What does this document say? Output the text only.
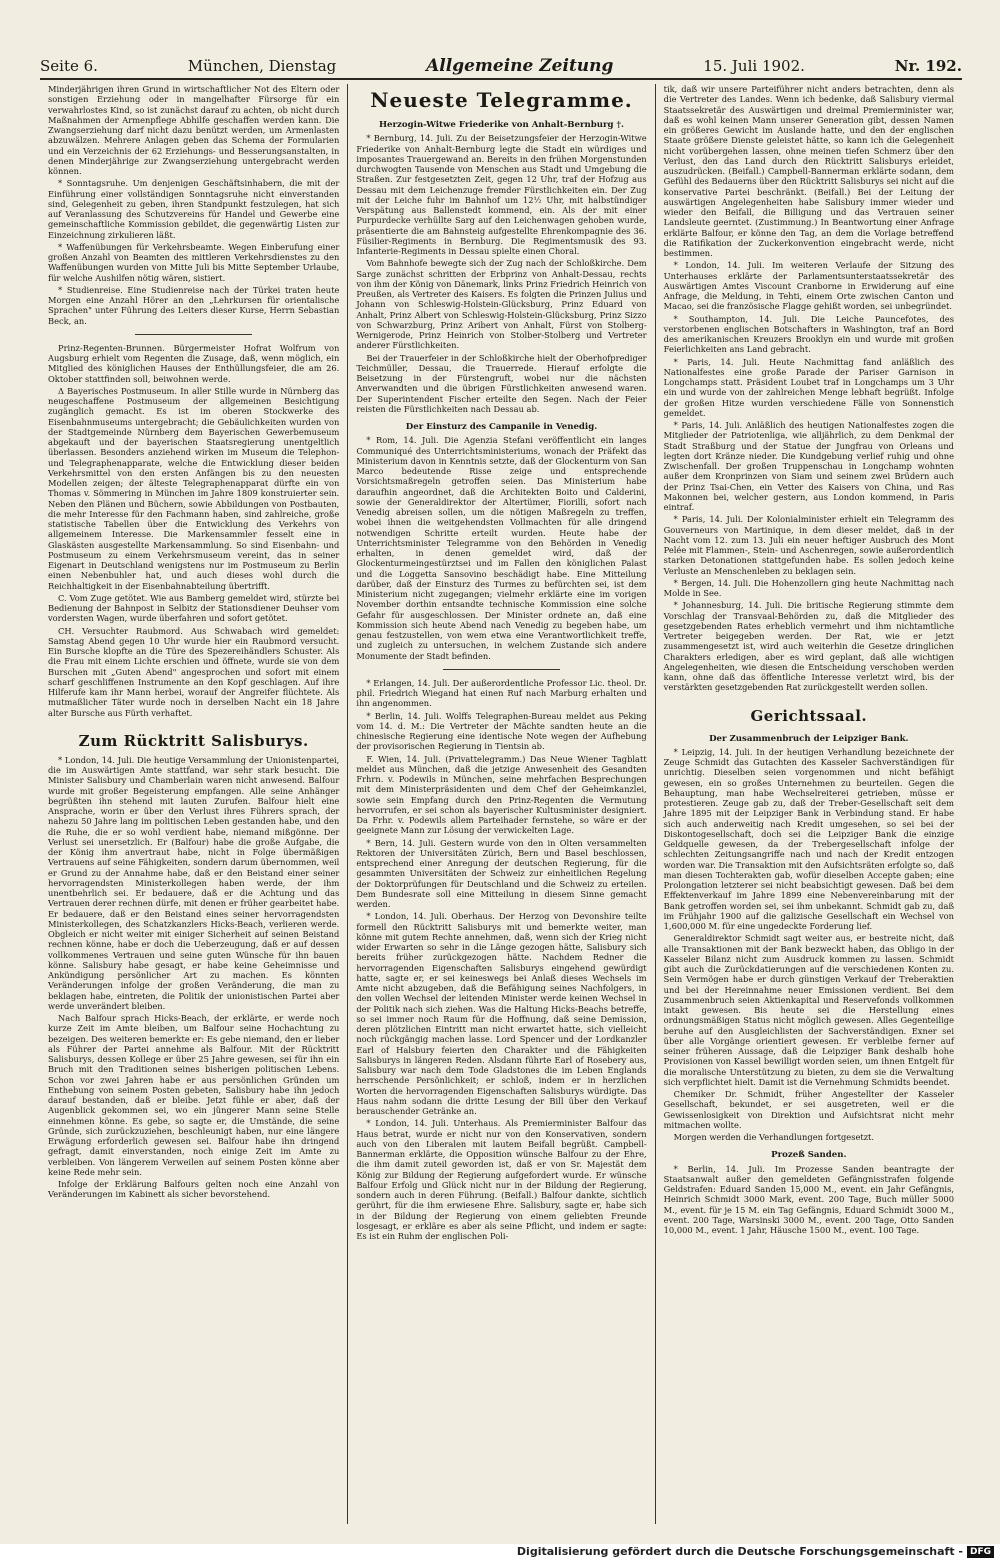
Seite 6.	München, Dienstag	Allgemeine Zeitung	15. Juli 1902.	Nr. 192.

Minderjährigen ihren Grund in wirtschaftlicher Not des Eltern oder sonstigen Erziehung oder in mangelhafter Fürsorge für ein verwahrlostes Kind, so ist zunächst darauf zu achten, ob nicht durch Maßnahmen der Armenpflege Abhilfe geschaffen werden kann. Die Zwangserziehung darf nicht dazu benützt werden, um Armenlasten abzuwälzen. Mehrere Anlagen geben das Schema der Formularien und ein Verzeichnis der 62 Erziehungs- und Besserungsanstalten, in denen Minderjährige zur Zwangserziehung untergebracht werden können.

* Sonntagsruhe. Um denjenigen Geschäftsinhabern, die mit der Einführung einer vollständigen Sonntagsruhe nicht einverstanden sind, Gelegenheit zu geben, ihren Standpunkt festzulegen, hat sich auf Veranlassung des Schutzvereins für Handel und Gewerbe eine gemeinschaftliche Kommission gebildet, die gegenwärtig Listen zur Einzeichnung zirkulieren läßt.

* Waffenübungen für Verkehrsbeamte. Wegen Einberufung einer großen Anzahl von Beamten des mittleren Verkehrsdienstes zu den Waffenübungen wurden von Mitte Juli bis Mitte September Urlaube, für welche Aushilfen nötig wären, sistiert.

* Studienreise. Eine Studienreise nach der Türkei traten heute Morgen eine Anzahl Hörer an den „Lehrkursen für orientalische Sprachen" unter Führung des Leiters dieser Kurse, Herrn Sebastian Beck, an.

Prinz-Regenten-Brunnen. Bürgermeister Hofrat Wolfrum von Augsburg erhielt vom Regenten die Zusage, daß, wenn möglich, ein Mitglied des königlichen Hauses der Enthüllungsfeier, die am 26. Oktober stattfinden soll, beiwohnen werde.

Δ Bayerisches Postmuseum. In aller Stille wurde in Nürnberg das neugeschaffene Postmuseum der allgemeinen Besichtigung zugänglich gemacht. Es ist im oberen Stockwerke des Eisenbahnmuseums untergebracht; die Gebäulichkeiten wurden von der Stadtgemeinde Nürnberg dem Bayerischen Gewerbemuseum abgekauft und der bayerischen Staatsregierung unentgeltlich überlassen. Besonders anziehend wirken im Museum die Telephon- und Telegraphenapparate, welche die Entwicklung dieser beiden Verkehrsmittel von den ersten Anfängen bis zu den neuesten Modellen zeigen; der älteste Telegraphenapparat dürfte ein von Thomas v. Sömmering in München im Jahre 1809 konstruierter sein. Neben den Plänen und Büchern, sowie Abbildungen von Postbauten, die mehr Interesse für den Fachmann haben, sind zahlreiche, große statistische Tabellen über die Entwicklung des Verkehrs von allgemeinem Interesse. Die Markensammler fesselt eine in Glaskästen ausgestellte Markensammlung. So sind Eisenbahn- und Postmuseum zu einem Verkehrsmuseum vereint, das in seiner Eigenart in Deutschland wenigstens nur im Postmuseum zu Berlin einen Nebenbuhler hat, und auch dieses wohl durch die Reichhaltigkeit in der Eisenbahnabteilung übertrifft.

C. Vom Zuge getötet. Wie aus Bamberg gemeldet wird, stürzte bei Bedienung der Bahnpost in Selbitz der Stationsdiener Deuhser vom vordersten Wagen, wurde überfahren und sofort getötet.

CH. Versuchter Raubmord. Aus Schwabach wird gemeldet: Samstag Abend gegen 10 Uhr wurde hier ein Raubmord versucht. Ein Bursche klopfte an die Türe des Spezereihändlers Schuster. Als die Frau mit einem Lichte erschien und öffnete, wurde sie von dem Burschen mit „Guten Abend" angesprochen und sofort mit einem scharf geschliffenen Instrumente an den Kopf geschlagen. Auf ihre Hilferufe kam ihr Mann herbei, worauf der Angreifer flüchtete. Als mutmaßlicher Täter wurde noch in derselben Nacht ein 18 Jahre alter Bursche aus Fürth verhaftet.

Zum Rücktritt Salisburys.

* London, 14. Juli. Die heutige Versammlung der Unionistenpartei, die im Auswärtigen Amte stattfand, war sehr stark besucht. Die Minister Salisbury und Chamberlain waren nicht anwesend. Balfour wurde mit großer Begeisterung empfangen. Alle seine Anhänger begrüßten ihn stehend mit lauten Zurufen. Balfour hielt eine Ansprache, worin er über den Verlust ihres Führers sprach, der nahezu 50 Jahre lang im politischen Leben gestanden habe, und den die Ruhe, die er so wohl verdient habe, niemand mißgönne. Der Verlust sei unersetzlich. Er (Balfour) habe die große Aufgabe, die der König ihm anvertraut habe, nicht in Folge übermäßigen Vertrauens auf seine Fähigkeiten, sondern darum übernommen, weil er Grund zu der Annahme habe, daß er den Beistand einer seiner hervorragendsten Ministerkollegen haben werde, der ihm unentbehrlich sei. Er bedauere, daß er die Achtung und das Vertrauen derer rechnen dürfe, mit denen er früher gearbeitet habe. Er bedauere, daß er den Beistand eines seiner hervorragendsten Ministerkollegen, des Schatzkanzlers Hicks-Beach, verlieren werde. Obgleich er nicht weiter mit einiger Sicherheit auf seinen Beistand rechnen könne, habe er doch die Ueberzeugung, daß er auf dessen vollkommenes Vertrauen und seine guten Wünsche für ihn bauen könne. Salisbury habe gesagt, er habe keine Geheimnisse und Ankündigung persönlicher Art zu machen. Es könnten Veränderungen infolge der großen Veränderung, die man zu beklagen habe, eintreten, die Politik der unionistischen Partei aber werde unverändert bleiben.

Nach Balfour sprach Hicks-Beach, der erklärte, er werde noch kurze Zeit im Amte bleiben, um Balfour seine Hochachtung zu bezeigen. Des weiteren bemerkte er: Es gebe niemand, den er lieber als Führer der Partei annehme als Balfour. Mit der Rücktritt Salisburys, dessen Kollege er über 25 Jahre gewesen, sei für ihn ein Bruch mit den Traditionen seines bisherigen politischen Lebens. Schon vor zwei Jahren habe er aus persönlichen Gründen um Enthebung von seinem Posten gebeten, Salisbury habe ihn jedoch darauf bestanden, daß er bleibe. Jetzt fühle er aber, daß der Augenblick gekommen sei, wo ein jüngerer Mann seine Stelle einnehmen könne. Es gebe, so sagte er, die Umstände, die seine Gründe, sich zurückzuziehen, beschleunigt haben, nur eine längere Erwägung erforderlich gewesen sei. Balfour habe ihn dringend gefragt, damit einverstanden, noch einige Zeit im Amte zu verbleiben. Von längerem Verweilen auf seinem Posten könne aber keine Rede mehr sein.

Infolge der Erklärung Balfours gelten noch eine Anzahl von Veränderungen im Kabinett als sicher bevorstehend.

Neueste Telegramme.
Herzogin-Witwe Friederike von Anhalt-Bernburg †.

* Bernburg, 14. Juli. Zu der Beisetzungsfeier der Herzogin-Witwe Friederike von Anhalt-Bernburg legte die Stadt ein würdiges und imposantes Trauergewand an. Bereits in den frühen Morgenstunden durchwogten Tausende von Menschen aus Stadt und Umgebung die Straßen. Zur festgesetzten Zeit, gegen 12 Uhr, traf der Hofzug aus Dessau mit dem Leichenzuge fremder Fürstlichkeiten ein. Der Zug mit der Leiche fuhr im Bahnhof um 12½ Uhr, mit halbstündiger Verspätung aus Ballenstedt kommend, ein. Als der mit einer Purpurdecke verhüllte Sarg auf den Leichenwagen gehoben wurde, präsentierte die am Bahnsteig aufgestellte Ehrenkompagnie des 36. Füsilier-Regiments in Bernburg. Die Regimentsmusik des 93. Infanterie-Regiments in Dessau spielte einen Choral.

Vom Bahnhofe bewegte sich der Zug nach der Schloßkirche. Dem Sarge zunächst schritten der Erbprinz von Anhalt-Dessau, rechts von ihm der König von Dänemark, links Prinz Friedrich Heinrich von Preußen, als Vertreter des Kaisers. Es folgten die Prinzen Julius und Johann von Schleswig-Holstein-Glücksburg, Prinz Eduard von Anhalt, Prinz Albert von Schleswig-Holstein-Glücksburg, Prinz Sizzo von Schwarzburg, Prinz Aribert von Anhalt, Fürst von Stolberg-Wernigerode, Prinz Heinrich von Stolber-Stolberg und Vertreter anderer Fürstlichkeiten.

Bei der Trauerfeier in der Schloßkirche hielt der Oberhofprediger Teichmüller, Dessau, die Trauerrede. Hierauf erfolgte die Beisetzung in der Fürstengruft, wobei nur die nächsten Anverwandten und die übrigen Fürstlichkeiten anwesend waren. Der Superintendent Fischer erteilte den Segen. Nach der Feier reisten die Fürstlichkeiten nach Dessau ab.

Der Einsturz des Campanile in Venedig.

* Rom, 14. Juli. Die Agenzia Stefani veröffentlicht ein langes Communiqué des Unterrichtsministeriums, wonach der Präfekt das Ministerium davon in Kenntnis setzte, daß der Glockenturm von San Marco bedeutende Risse zeige und entsprechende Vorsichtsmaßregeln getroffen seien. Das Ministerium habe daraufhin angeordnet, daß die Architekten Boito und Calderini, sowie der Generaldirektor der Altertümer, Fiorilli, sofort nach Venedig abreisen sollen, um die nötigen Maßregeln zu treffen, wobei ihnen die weitgehendsten Vollmachten für alle dringend notwendigen Schritte erteilt wurden. Heute habe der Unterrichtsminister Telegramme von den Behörden in Venedig erhalten, in denen gemeldet wird, daß der Glockenturmeingestürztsei und im Fallen den königlichen Palast und die Loggetta Sansovino beschädigt habe. Eine Mitteilung darüber, daß der Einsturz des Turmes zu befürchten sei, ist dem Ministerium nicht zugegangen; vielmehr erklärte eine im vorigen November dorthin entsandte technische Kommission eine solche Gefahr für ausgeschlossen. Der Minister ordnete an, daß eine Kommission sich heute Abend nach Venedig zu begeben habe, um genau festzustellen, von wem etwa eine Verantwortlichkeit treffe, und zugleich zu untersuchen, in welchem Zustande sich andere Monumente der Stadt befinden.

* Erlangen, 14. Juli. Der außerordentliche Professor Lic. theol. Dr. phil. Friedrich Wiegand hat einen Ruf nach Marburg erhalten und ihn angenommen.

* Berlin, 14. Juli. Wolffs Telegraphen-Bureau meldet aus Peking vom 14. d. M.: Die Vertreter der Mächte sandten heute an die chinesische Regierung eine identische Note wegen der Aufhebung der provisorischen Regierung in Tientsin ab.

F. Wien, 14. Juli. (Privattelegramm.) Das Neue Wiener Tagblatt meldet aus München, daß die jetzige Anwesenheit des Gesandten Frhrn. v. Podewils in München, seine mehrfachen Besprechungen mit dem Ministerpräsidenten und dem Chef der Geheimkanzlei, sowie sein Empfang durch den Prinz-Regenten die Vermutung hervorrufen, er sei schon als bayerischer Kultusminister designiert. Da Frhr. v. Podewils allem Parteihader fernstehe, so wäre er der geeignete Mann zur Lösung der verwickelten Lage.

* Bern, 14. Juli. Gestern wurde von den in Olten versammelten Rektoren der Universitäten Zürich, Bern und Basel beschlossen, entsprechend einer Anregung der deutschen Regierung, für die gesammten Universitäten der Schweiz zur einheitlichen Regelung der Doktorprüfungen für Deutschland und die Schweiz zu erteilen. Dem Bundesrate soll eine Mitteilung in diesem Sinne gemacht werden.

* London, 14. Juli. Oberhaus. Der Herzog von Devonshire teilte formell den Rücktritt Salisburys mit und bemerkte weiter, man könne mit gutem Rechte annehmen, daß, wenn sich der Krieg nicht wider Erwarten so sehr in die Länge gezogen hätte, Salisbury sich bereits früher zurückgezogen hätte. Nachdem Redner die hervorragenden Eigenschaften Salisburys eingehend gewürdigt hatte, sagte er, er sei keineswegs bei Anlaß dieses Wechsels im Amte nicht abzugeben, daß die Befähigung seines Nachfolgers, in den vollen Wechsel der leitenden Minister werde keinen Wechsel in der Politik nach sich ziehen. Was die Haltung Hicks-Beachs betreffe, so sei immer noch Raum für die Hoffnung, daß seine Demission, deren plötzlichen Eintritt man nicht erwartet hatte, sich vielleicht noch rückgängig machen lasse. Lord Spencer und der Lordkanzler Earl of Halsbury feierten den Charakter und die Fähigkeiten Salisburys in längeren Reden. Alsdann führte Earl of Rosebery aus, Salisbury war nach dem Tode Gladstones die im Leben Englands herrschende Persönlichkeit; er schloß, indem er in herzlichen Worten die hervorragenden Eigenschaften Salisburys würdigte. Das Haus nahm sodann die dritte Lesung der Bill über den Verkauf berauschender Getränke an.

* London, 14. Juli. Unterhaus. Als Premierminister Balfour das Haus betrat, wurde er nicht nur von den Konservativen, sondern auch von den Liberalen mit lautem Beifall begrüßt. Campbell-Bannerman erklärte, die Opposition wünsche Balfour zu der Ehre, die ihm damit zuteil geworden ist, daß er von Sr. Majestät dem König zur Bildung der Regierung aufgefordert wurde. Er wünsche Balfour Erfolg und Glück nicht nur in der Bildung der Regierung, sondern auch in deren Führung. (Beifall.) Balfour dankte, sichtlich gerührt, für die ihm erwiesene Ehre. Salisbury, sagte er, habe sich in der Bildung der Regierung von einem geliebten Freunde losgesagt, er erkläre es aber als seine Pflicht, und indem er sagte: Es ist ein Ruhm der englischen Poli-

tik, daß wir unsere Parteiführer nicht anders betrachten, denn als die Vertreter des Landes. Wenn ich bedenke, daß Salisbury viermal Staatssekretär des Auswärtigen und dreimal Premierminister war, daß es wohl keinen Mann unserer Generation gibt, dessen Namen ein größeres Gewicht im Auslande hatte, und den der englischen Staate größere Dienste geleistet hätte, so kann ich die Gelegenheit nicht vorübergehen lassen, ohne meinen tiefen Schmerz über den Verlust, den das Land durch den Rücktritt Salisburys erleidet, auszudrücken. (Beifall.) Campbell-Bannerman erklärte sodann, dem Gefühl des Bedauerns über den Rücktritt Salisburys sei nicht auf die konservative Partei beschränkt. (Beifall.) Bei der Leitung der auswärtigen Angelegenheiten habe Salisbury immer wieder und wieder den Beifall, die Billigung und das Vertrauen seiner Landsleute geerntet. (Zustimmung.) In Beantwortung einer Anfrage erklärte Balfour, er könne den Tag, an dem die Vorlage betreffend die Ratifikation der Zuckerkonvention eingebracht werde, nicht bestimmen.

* London, 14. Juli. Im weiteren Verlaufe der Sitzung des Unterhauses erklärte der Parlamentsunterstaatssekretär des Auswärtigen Amtes Viscount Cranborne in Erwiderung auf eine Anfrage, die Meldung, in Tehti, einem Orte zwischen Canton und Macao, sei die französische Flagge gehißt worden, sei unbegründet.

* Southampton, 14. Juli. Die Leiche Pauncefotes, des verstorbenen englischen Botschafters in Washington, traf an Bord des amerikanischen Kreuzers Brooklyn ein und wurde mit großen Feierlichkeiten ans Land gebracht.

* Paris, 14. Juli. Heute Nachmittag fand anläßlich des Nationalfestes eine große Parade der Pariser Garnison in Longchamps statt. Präsident Loubet traf in Longchamps um 3 Uhr ein und wurde von der zahlreichen Menge lebhaft begrüßt. Infolge der großen Hitze wurden verschiedene Fälle von Sonnenstich gemeldet.

* Paris, 14. Juli. Anläßlich des heutigen Nationalfestes zogen die Mitglieder der Patriotenliga, wie alljährlich, zu dem Denkmal der Stadt Straßburg und der Statue der Jungfrau von Orleans und legten dort Kränze nieder. Die Kundgebung verlief ruhig und ohne Zwischenfall. Der großen Truppenschau in Longchamp wohnten außer dem Kronprinzen von Siam und seinem zwei Brüdern auch der Prinz Tsai-Chen, ein Vetter des Kaisers von China, und Ras Makonnen bei, welcher gestern, aus London kommend, in Paris eintraf.

* Paris, 14. Juli. Der Kolonialminister erhielt ein Telegramm des Gouverneurs von Martinique, in dem dieser meldet, daß in der Nacht vom 12. zum 13. Juli ein neuer heftiger Ausbruch des Mont Pelée mit Flammen-, Stein- und Aschenregen, sowie außerordentlich starken Detonationen stattgefunden habe. Es sollen jedoch keine Verluste an Menschenleben zu beklagen sein.

* Bergen, 14. Juli. Die Hohenzollern ging heute Nachmittag nach Molde in See.

* Johannesburg, 14. Juli. Die britische Regierung stimmte dem Vorschlag der Transvaal-Behörden zu, daß die Mitglieder des gesetzgebenden Rates erheblich vermehrt und ihm nichtamtliche Vertreter beigegeben werden. Der Rat, wie er jetzt zusammengesetzt ist, wird auch weiterhin die Gesetze dringlichen Charakters erledigen, aber es wird geplant, daß alle wichtigen Angelegenheiten, wie diesen die Entscheidung verschoben werden kann, ohne daß das öffentliche Interesse verletzt wird, bis der verstärkten gesetzgebenden Rat zurückgestellt werden sollen.

Gerichtssaal.
Der Zusammenbruch der Leipziger Bank.

* Leipzig, 14. Juli. In der heutigen Verhandlung bezeichnete der Zeuge Schmidt das Gutachten des Kasseler Sachverständigen für unrichtig. Dieselben seien vorgenommen und nicht befähigt gewesen, ein so großes Unternehmen zu beurteilen. Gegen die Behauptung, man habe Wechselreiterei getrieben, müsse er protestieren. Zeuge gab zu, daß der Treber-Gesellschaft seit dem Jahre 1895 mit der Leipziger Bank in Verbindung stand. Er habe sich auch anderweitig nach Kredit umgesehen, so sei bei der Diskontogesellschaft, doch sei die Leipziger Bank die einzige Geldquelle gewesen, da der Trebergesellschaft infolge der schlechten Zeitungsangriffe nach und nach der Kredit entzogen worden war. Die Transaktion mit den Aufsichtsräten erfolgte so, daß man diesen Tochterakten gab, wofür dieselben Accepte gaben; eine Prolongation letzterer sei nicht beabsichtigt gewesen. Daß bei dem Effektenverkauf im Jahre 1899 eine Nebenvereinbarung mit der Bank getroffen worden sei, sei ihm unbekannt. Schmidt gab zu, daß im Frühjahr 1900 auf die galizische Gesellschaft ein Wechsel von 1,600,000 M. für eine ungedeckte Forderung lief.

Generaldirektor Schmidt sagt weiter aus, er bestreite nicht, daß alle Transaktionen mit der Bank bezweckt haben, das Obligo in der Kasseler Bilanz nicht zum Ausdruck kommen zu lassen. Schmidt gibt auch die Zurückdatierungen auf die verschiedenen Konten zu. Sein Vermögen habe er durch günstigen Verkauf der Treberaktien und bei der Hereinnahme neuer Emissionen verdient. Bei dem Zusammenbruch seien Aktienkapital und Reservefonds vollkommen intakt gewesen. Bis heute sei die Herstellung eines ordnungsmäßigen Status nicht möglich gewesen. Alles Gegenteilige beruhe auf den Ausgleichlisten der Sachverständigen. Exner sei über alle Vorgänge orientiert gewesen. Er verbleibe ferner auf seiner früheren Aussage, daß die Leipziger Bank deshalb hohe Provisionen von Kassel bewilligt worden seien, um ihnen Entgelt für die moralische Unterstützung zu bieten, zu dem sie die Verwaltung sich verpflichtet hielt. Damit ist die Vernehmung Schmidts beendet.

Chemiker Dr. Schmidt, früher Angestellter der Kasseler Gesellschaft, bekundet, er sei ausgetreten, weil er die Gewissenlosigkeit von Direktion und Aufsichtsrat nicht mehr mitmachen wollte.

Morgen werden die Verhandlungen fortgesetzt.

Prozeß Sanden.

* Berlin, 14. Juli. Im Prozesse Sanden beantragte der Staatsanwalt außer den gemeldeten Gefängnisstrafen folgende Geldstrafen: Eduard Sanden 15,000 M., event. ein Jahr Gefängnis, Heinrich Schmidt 3000 Mark, event. 200 Tage, Buch müller 5000 M., event. für je 15 M. ein Tag Gefängnis, Eduard Schmidt 3000 M., event. 200 Tage, Warsinski 3000 M., event. 200 Tage, Otto Sanden 10,000 M., event. 1 Jahr, Häusche 1500 M., event. 100 Tage.

Digitalisierung gefördert durch die Deutsche Forschungsgemeinschaft - DFG
